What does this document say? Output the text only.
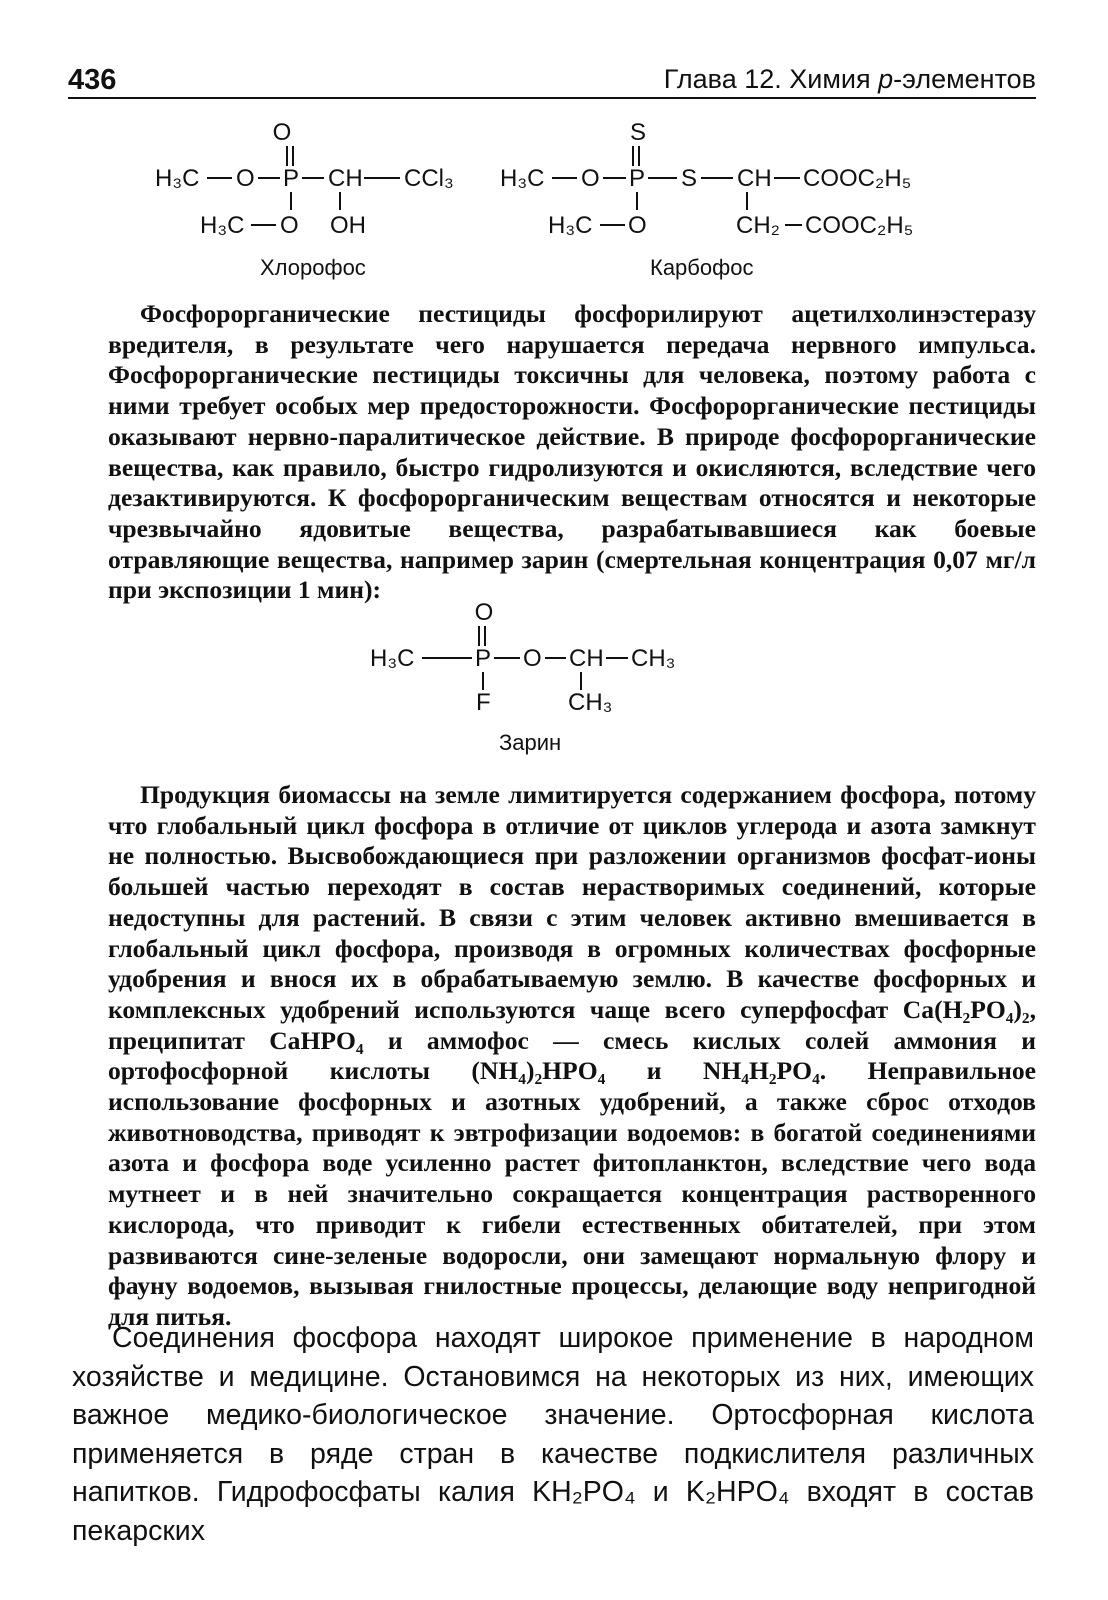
436	Глава 12. Химия p-элементов
O
H₃C O P CH CCl₃
H₃C O OH
Хлорофос
S
H₃C O P S CH COOC₂H₅
H₃C O	CH₂ COOC₂H₅
Карбофос

Фосфорорганические пестициды фосфорилируют ацетилхолинэстеразу вредителя, в результате чего нарушается передача нервного импульса. Фосфорорганические пестициды токсичны для человека, поэтому работа с ними требует особых мер предосторожности. Фосфорорганические пестициды оказывают нервно-паралитическое действие. В природе фосфорорганические вещества, как правило, быстро гидролизуются и окисляются, вследствие чего дезактивируются. К фосфорорганическим веществам относятся и некоторые чрезвычайно ядовитые вещества, разрабатывавшиеся как боевые отравляющие вещества, например зарин (смертельная концентрация 0,07 мг/л при экспозиции 1 мин):

O
H₃C	P O CH CH₃
F	CH₃
Зарин

Продукция биомассы на земле лимитируется содержанием фосфора, потому что глобальный цикл фосфора в отличие от циклов углерода и азота замкнут не полностью. Высвобождающиеся при разложении организмов фосфат-ионы большей частью переходят в состав нерастворимых соединений, которые недоступны для растений. В связи с этим человек активно вмешивается в глобальный цикл фосфора, производя в огромных количествах фосфорные удобрения и внося их в обрабатываемую землю. В качестве фосфорных и комплексных удобрений используются чаще всего суперфосфат Ca(H₂PO₄)₂, преципитат CaHPO₄ и аммофос — смесь кислых солей аммония и ортофосфорной кислоты (NH₄)₂HPO₄ и NH₄H₂PO₄. Неправильное использование фосфорных и азотных удобрений, а также сброс отходов животноводства, приводят к эвтрофизации водоемов: в богатой соединениями азота и фосфора воде усиленно растет фитопланктон, вследствие чего вода мутнеет и в ней значительно сокращается концентрация растворенного кислорода, что приводит к гибели естественных обитателей, при этом развиваются сине-зеленые водоросли, они замещают нормальную флору и фауну водоемов, вызывая гнилостные процессы, делающие воду непригодной для питья.

Соединения фосфора находят широкое применение в народном хозяйстве и медицине. Остановимся на некоторых из них, имеющих важное медико-биологическое значение. Ортосфорная кислота применяется в ряде стран в качестве подкислителя различных напитков. Гидрофосфаты калия KH₂PO₄ и K₂HPO₄ входят в состав пекарских
